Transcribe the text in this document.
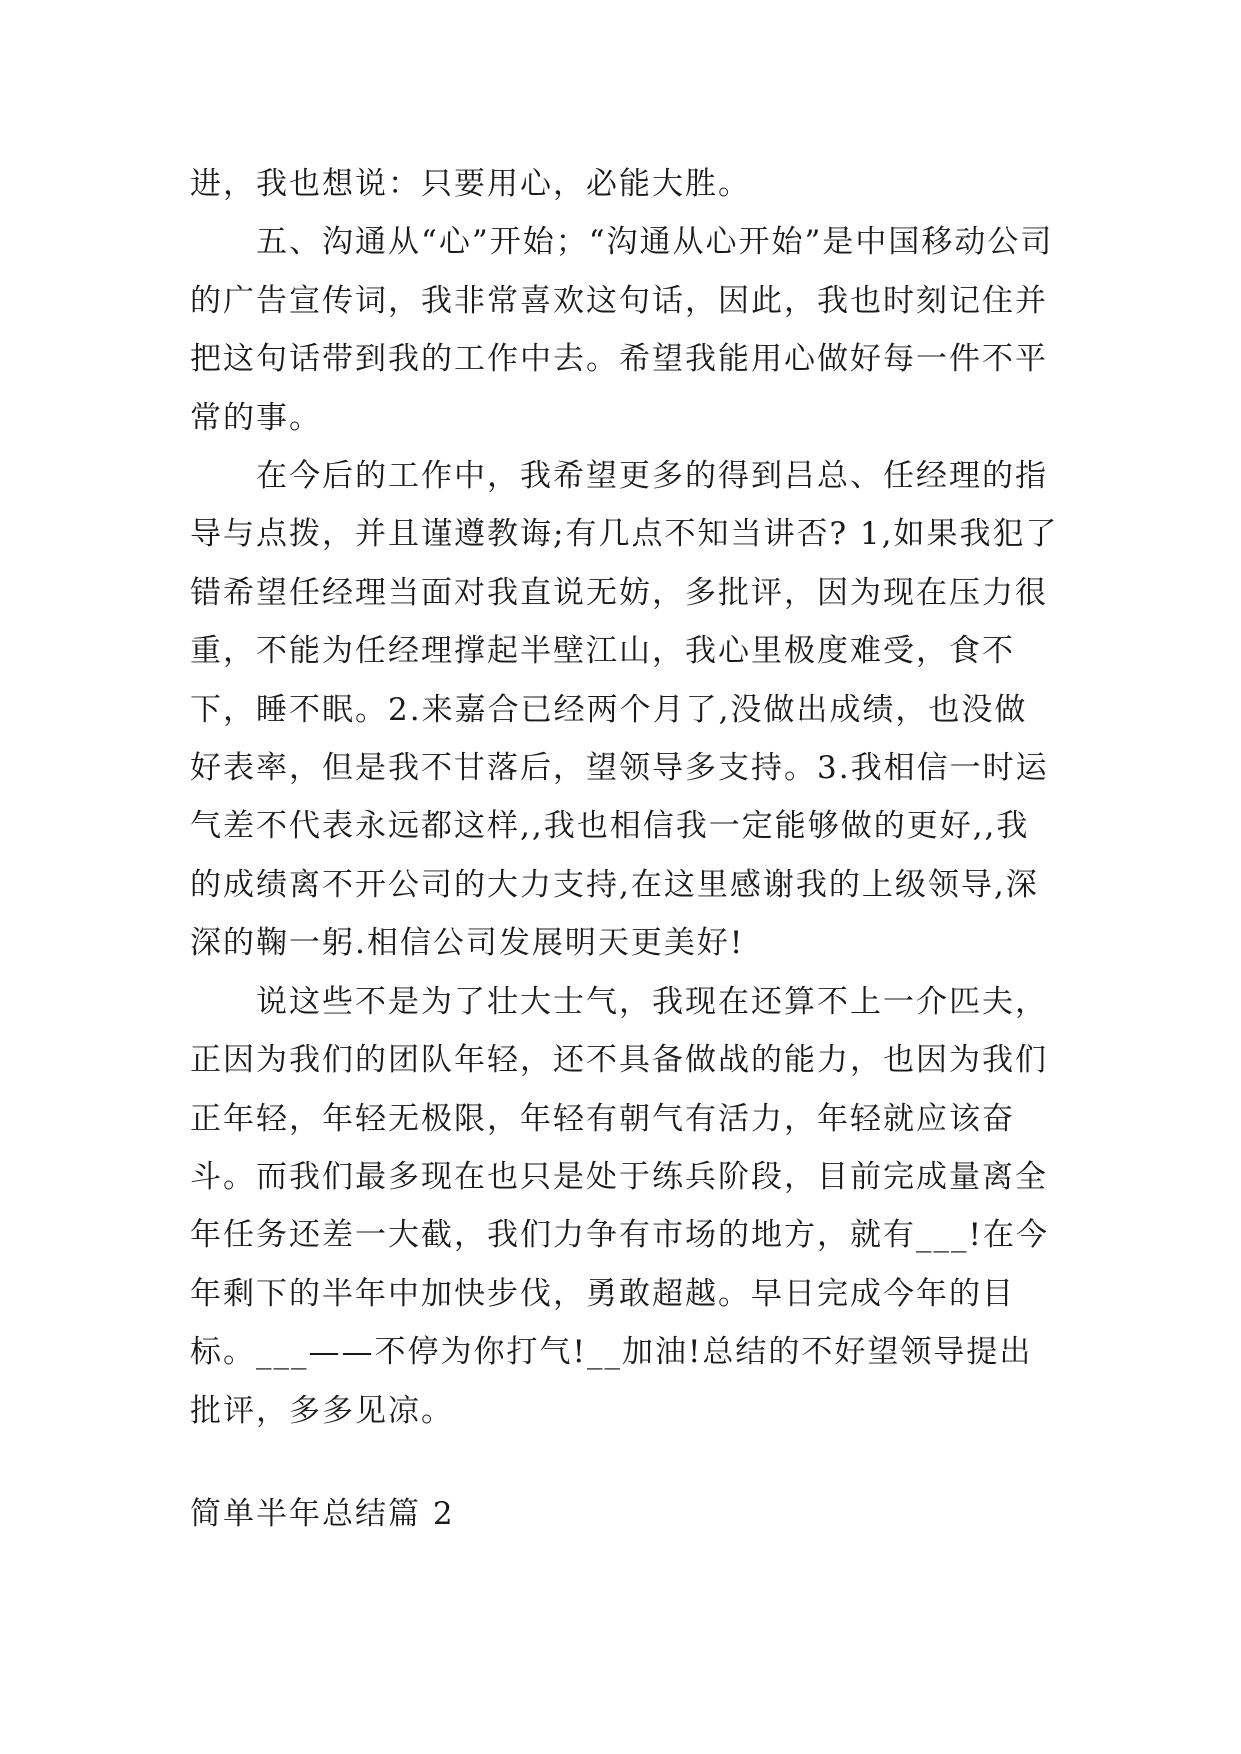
进，我也想说：只要用心，必能大胜。

五、沟通从“心”开始；“沟通从心开始”是中国移动公司的广告宣传词，我非常喜欢这句话，因此，我也时刻记住并把这句话带到我的工作中去。希望我能用心做好每一件不平常的事。

在今后的工作中，我希望更多的得到吕总、任经理的指导与点拨，并且谨遵教诲;有几点不知当讲否? 1,如果我犯了错希望任经理当面对我直说无妨，多批评，因为现在压力很重，不能为任经理撑起半壁江山，我心里极度难受，食不下，睡不眠。2.来嘉合已经两个月了,没做出成绩，也没做好表率，但是我不甘落后，望领导多支持。3.我相信一时运气差不代表永远都这样,,我也相信我一定能够做的更好,,我的成绩离不开公司的大力支持,在这里感谢我的上级领导,深深的鞠一躬.相信公司发展明天更美好!

说这些不是为了壮大士气，我现在还算不上一介匹夫，正因为我们的团队年轻，还不具备做战的能力，也因为我们正年轻，年轻无极限，年轻有朝气有活力，年轻就应该奋斗。而我们最多现在也只是处于练兵阶段，目前完成量离全年任务还差一大截，我们力争有市场的地方，就有___!在今年剩下的半年中加快步伐，勇敢超越。早日完成今年的目标。___——不停为你打气!__加油!总结的不好望领导提出批评，多多见凉。

简单半年总结篇 2
